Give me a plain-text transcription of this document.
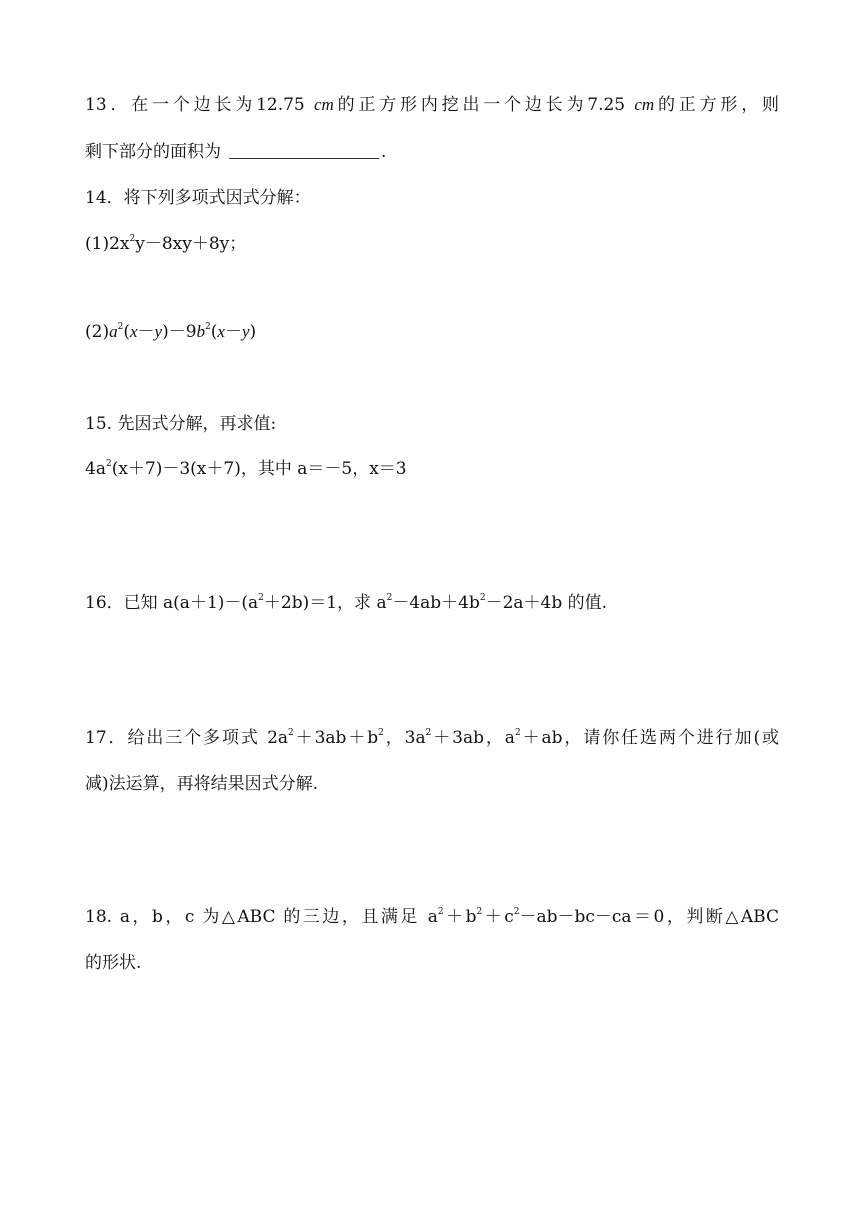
13．在一个边长为12.75 cm的正方形内挖出一个边长为7.25 cm的正方形，则
剩下部分的面积为	.
14．将下列多项式因式分解：
$(1)2x^2y-8xy+8y$；
$(2)a^2(x-y)-9b^2(x-y)$
15. 先因式分解，再求值:
$4a^2(x+7)-3(x+7)$，其中 a＝－5，x＝3
16．已知 $a(a+1)-(a^2+2b)=1$，求 $a^2-4ab+4b^2-2a+4b$ 的值.
17．给出三个多项式 $2a^2+3ab+b^2$，$3a^2+3ab$，$a^2+ab$，请你任选两个进行加(或
减)法运算，再将结果因式分解.
18. a，b，c 为△ABC 的三边，且满足 $a^2+b^2+c^2-ab-bc-ca=0$，判断△ABC
的形状.
